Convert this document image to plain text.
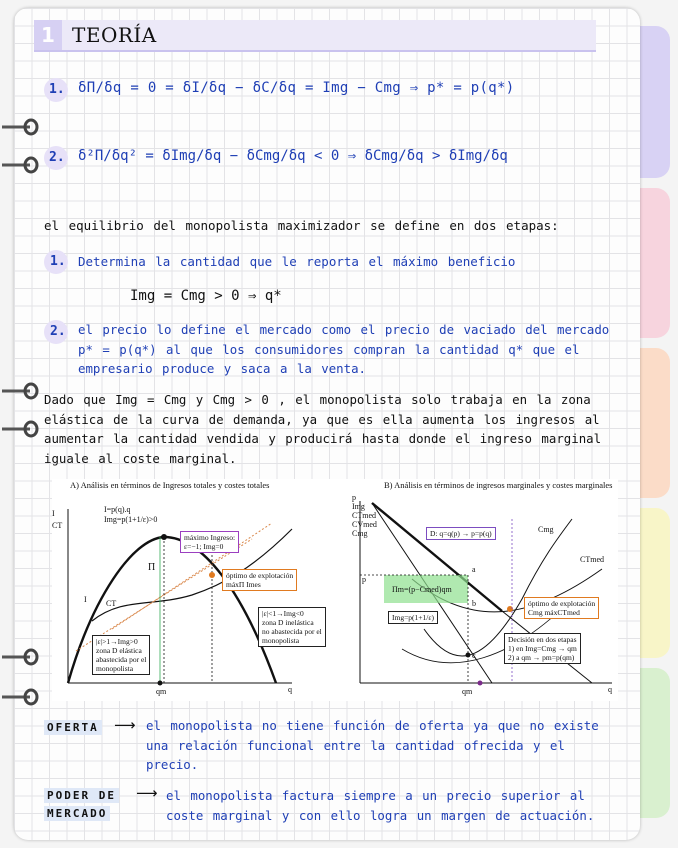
1 TEORÍA
1. δΠ/δq = 0 = δI/δq − δC/δq = Img − Cmg ⇒ p* = p(q*)
2. δ²Π/δq² = δImg/δq − δCmg/δq < 0 ⇒ δCmg/δq > δImg/δq
el equilibrio del monopolista maximizador se define en dos etapas:
1. Determina la cantidad que le reporta el máximo beneficio
Img = Cmg > 0 ⇒ q*
2. el precio lo define el mercado como el precio de vaciado del mercado p* = p(q*) al que los consumidores compran la cantidad q* que el empresario produce y saca a la venta.
Dado que Img = Cmg y Cmg > 0 , el monopolista solo trabaja en la zona elástica de la curva de demanda, ya que es ella aumenta los ingresos al aumentar la cantidad vendida y producirá hasta donde el ingreso marginal iguale al coste marginal.
A) Análisis en términos de Ingresos totales y costes totales
I
CT
I=p(q).q
Img=p(1+1/ε)>0
máximo Ingreso:
ε=−1; Img=0
óptimo de explotación
máxΠ Imes
Π
CT
I
|ε|>1→Img>0
zona D elástica
abastecida por el
monopolista
|ε|<1→Img<0
zona D inelástica
no abastecida por el
monopolista
qm	q
B) Análisis en términos de ingresos marginales y costes marginales
p
Img
CTmed
CVmed
Cmg	D: q=q(p) → p=p(q)	Cmg
CTmed
p
Πm=(p−Cmed)qm
Img=p(1+1/ε)
óptimo de explotación
Cmg máxCTmed
Decisión en dos etapas
1) en Img=Cmg → qm
2) a qm → pm=p(qm)
a
b
c
qm	q
OFERTA ⟶ el monopolista no tiene función de oferta ya que no existe una relación funcional entre la cantidad ofrecida y el precio.
PODER DE
MERCADO
⟶ el monopolista factura siempre a un precio superior al coste marginal y con ello logra un margen de actuación.
